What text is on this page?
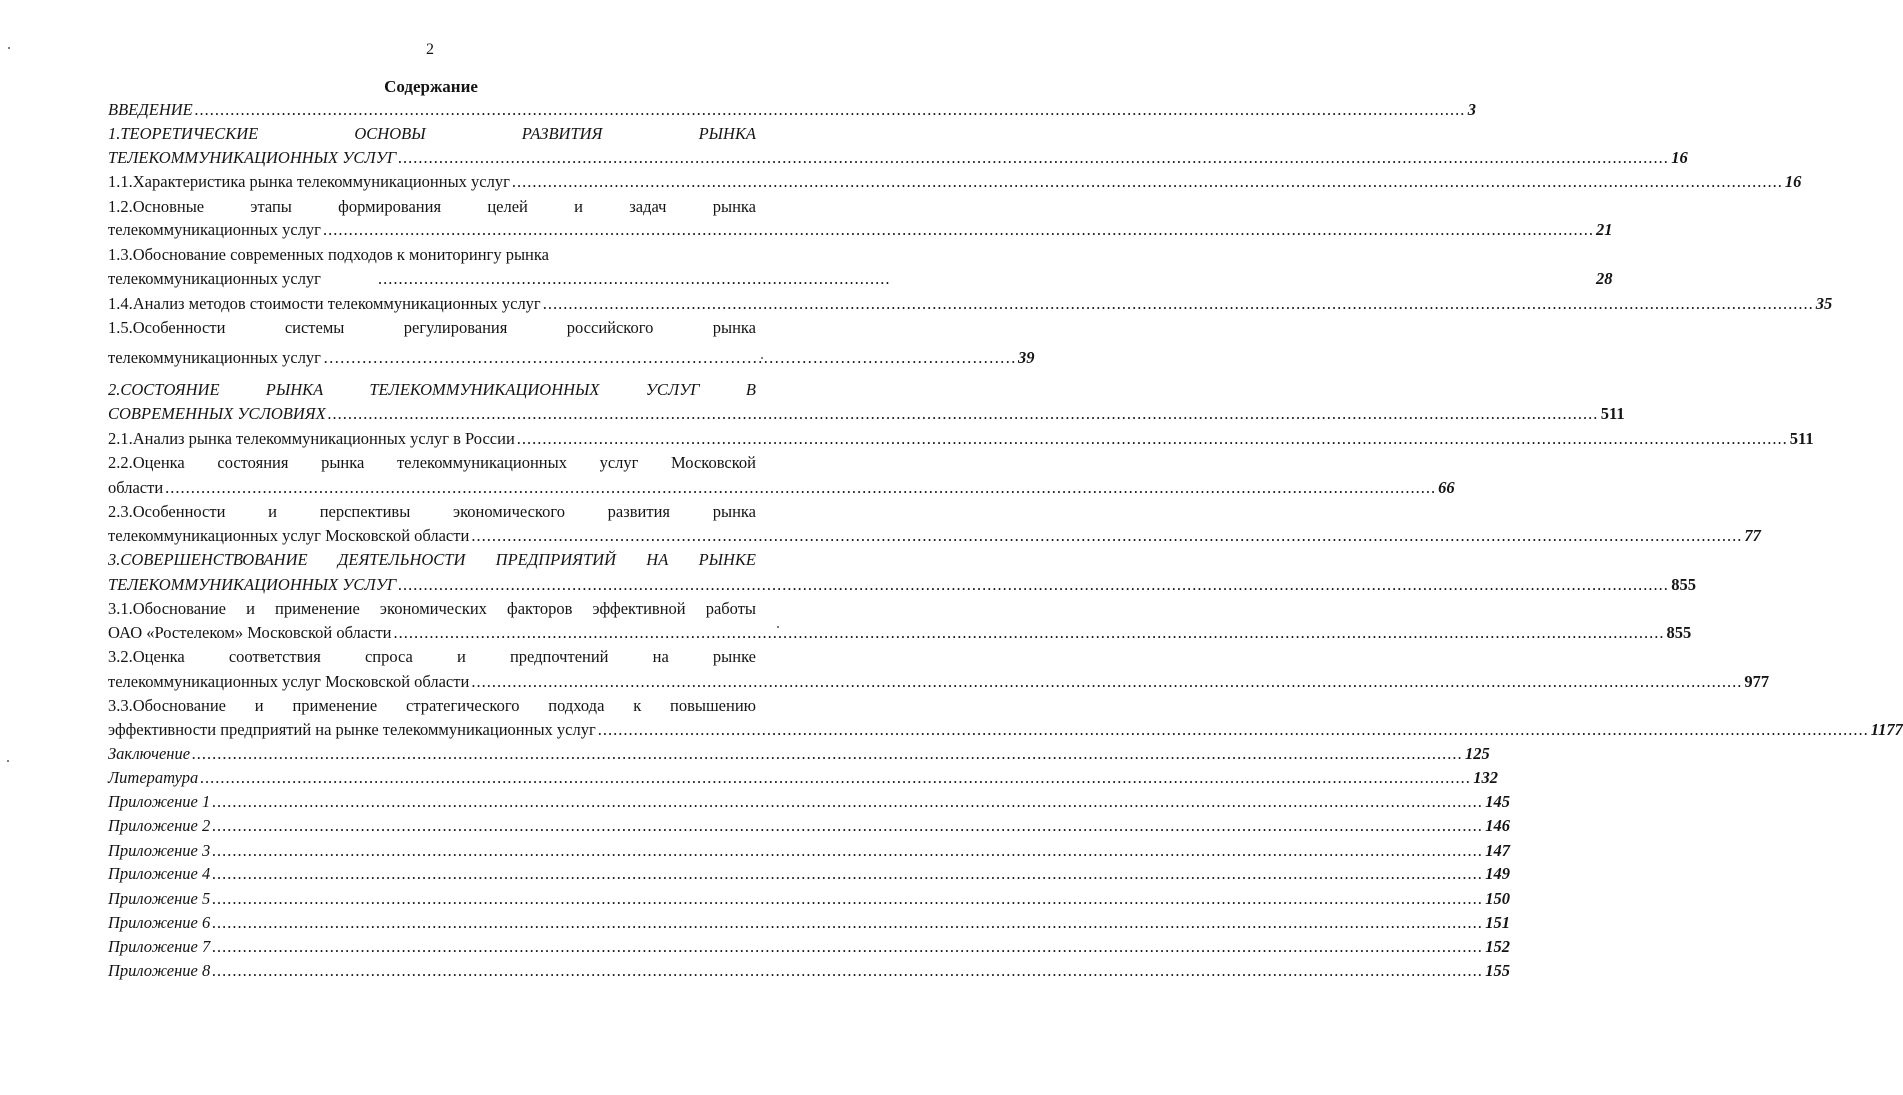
2
Содержание
ВВЕДЕНИЕ .....	3
1.ТЕОРЕТИЧЕСКИЕ ОСНОВЫ РАЗВИТИЯ РЫНКА
ТЕЛЕКОММУНИКАЦИОННЫХ УСЛУГ .....	16
1.1.Характеристика рынка телекоммуникационных услуг .....	16
1.2.Основные этапы формирования целей и задач рынка
телекоммуникационных услуг .....	21
1.3.Обоснование современных подходов к мониторингу рынка
телекоммуникационных услуг	28
....................................................................................................
1.4.Анализ методов стоимости телекоммуникационных услуг .....	35
1.5.Особенности системы регулирования российского рынка
телекоммуникационных услуг ………………………………………………………………………………………………………………	39
2.СОСТОЯНИЕ РЫНКА ТЕЛЕКОММУНИКАЦИОННЫХ УСЛУГ В
СОВРЕМЕННЫХ УСЛОВИЯХ .....	511
2.1.Анализ рынка телекоммуникационных услуг в России .....	511
2.2.Оценка состояния рынка телекоммуникационных услуг Московской
области .....	66
2.3.Особенности и перспективы экономического развития рынка
телекоммуникационных услуг Московской области .....	77
3.СОВЕРШЕНСТВОВАНИЕ ДЕЯТЕЛЬНОСТИ ПРЕДПРИЯТИЙ НА РЫНКЕ
ТЕЛЕКОММУНИКАЦИОННЫХ УСЛУГ .....	855
3.1.Обоснование и применение экономических факторов эффективной работы
ОАО «Ростелеком» Московской области .....	855
3.2.Оценка соответствия спроса и предпочтений на рынке
телекоммуникационных услуг Московской области .....	977
3.3.Обоснование и применение стратегического подхода к повышению
эффективности предприятий на рынке телекоммуникационных услуг .....	1177
Заключение .....	125
Литература .....	132
Приложение 1 .....	145
Приложение 2 .....	146
Приложение 3 .....	147
Приложение 4 .....	149
Приложение 5 .....	150
Приложение 6 .....	151
Приложение 7 .....	152
Приложение 8 .....	155
